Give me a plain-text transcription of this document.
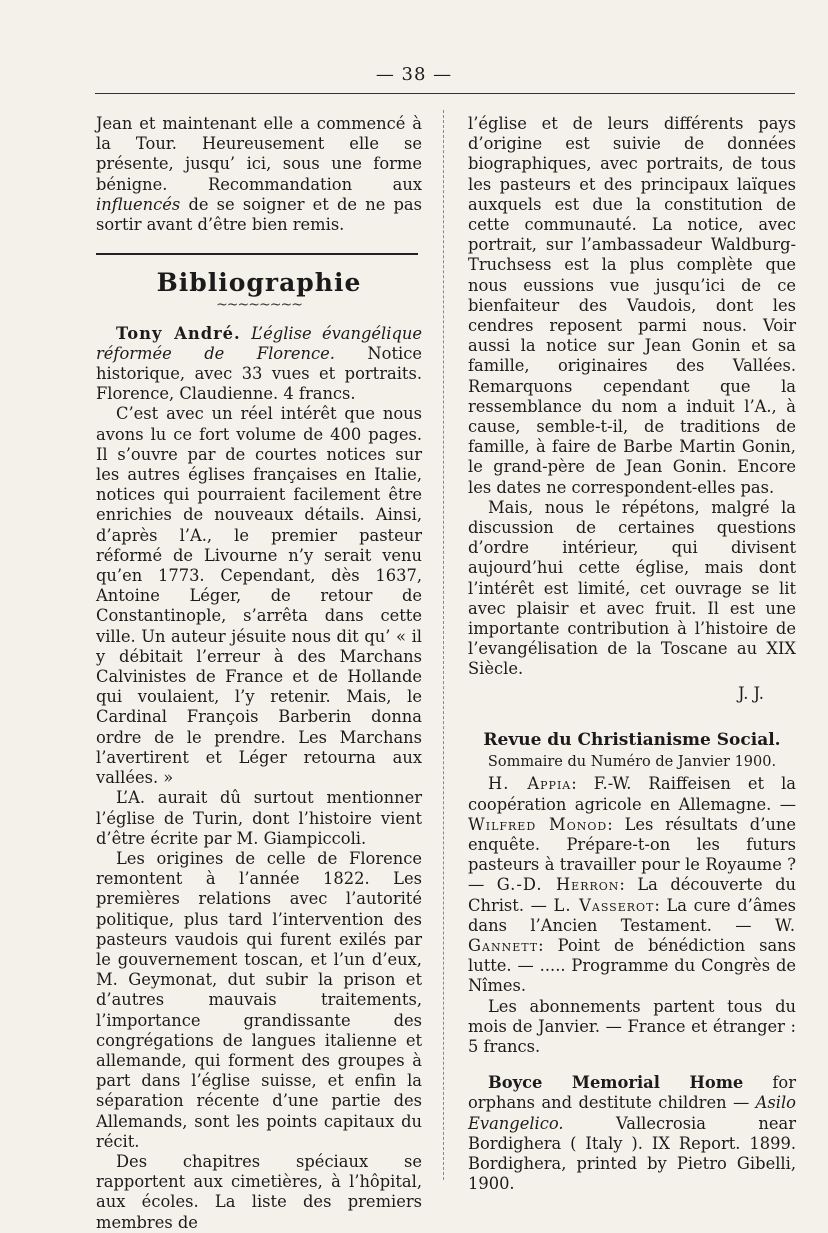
— 38 —

Jean et maintenant elle a commencé à la Tour. Heureusement elle se présente, jusqu’ ici, sous une forme bénigne. Recommandation aux influencés de se soigner et de ne pas sortir avant d’être bien remis.

Bibliographie
~~~~~~~~

Tony André. L’église évangélique réformée de Florence. Notice historique, avec 33 vues et portraits. Florence, Claudienne. 4 francs.

C’est avec un réel intérêt que nous avons lu ce fort volume de 400 pages. Il s’ouvre par de courtes notices sur les autres églises françaises en Italie, notices qui pourraient facilement être enrichies de nouveaux détails. Ainsi, d’après l’A., le premier pasteur réformé de Livourne n’y serait venu qu’en 1773. Cependant, dès 1637, Antoine Léger, de retour de Constantinople, s’arrêta dans cette ville. Un auteur jésuite nous dit qu’ « il y débitait l’erreur à des Marchans Calvinistes de France et de Hollande qui voulaient, l’y retenir. Mais, le Cardinal François Barberin donna ordre de le prendre. Les Marchans l’avertirent et Léger retourna aux vallées. »

L’A. aurait dû surtout mentionner l’église de Turin, dont l’histoire vient d’être écrite par M. Giampiccoli.

Les origines de celle de Florence remontent à l’année 1822. Les premières relations avec l’autorité politique, plus tard l’intervention des pasteurs vaudois qui furent exilés par le gouvernement toscan, et l’un d’eux, M. Geymonat, dut subir la prison et d’autres mauvais traitements, l’importance grandissante des congrégations de langues italienne et allemande, qui forment des groupes à part dans l’église suisse, et enfin la séparation récente d’une partie des Allemands, sont les points capitaux du récit.

Des chapitres spéciaux se rapportent aux cimetières, à l’hôpital, aux écoles. La liste des premiers membres de

l’église et de leurs différents pays d’origine est suivie de données biographiques, avec portraits, de tous les pasteurs et des principaux laïques auxquels est due la constitution de cette communauté. La notice, avec portrait, sur l’ambassadeur Waldburg-Truchsess est la plus complète que nous eussions vue jusqu’ici de ce bienfaiteur des Vaudois, dont les cendres reposent parmi nous. Voir aussi la notice sur Jean Gonin et sa famille, originaires des Vallées. Remarquons cependant que la ressemblance du nom a induit l’A., à cause, semble-t-il, de traditions de famille, à faire de Barbe Martin Gonin, le grand-père de Jean Gonin. Encore les dates ne correspondent-elles pas.

Mais, nous le répétons, malgré la discussion de certaines questions d’ordre intérieur, qui divisent aujourd’hui cette église, mais dont l’intérêt est limité, cet ouvrage se lit avec plaisir et avec fruit. Il est une importante contribution à l’histoire de l’evangélisation de la Toscane au XIX Siècle.

J. J.
Revue du Christianisme Social.
Sommaire du Numéro de Janvier 1900.

H. Appia: F.-W. Raiffeisen et la coopération agricole en Allemagne. — Wilfred Monod: Les résultats d’une enquête. Prépare-t-on les futurs pasteurs à travailler pour le Royaume ? — G.-D. Herron: La découverte du Christ. — L. Vasserot: La cure d’âmes dans l’Ancien Testament. — W. Gannett: Point de bénédiction sans lutte. — ..... Programme du Congrès de Nîmes.

Les abonnements partent tous du mois de Janvier. — France et étranger : 5 francs.

Boyce Memorial Home for orphans and destitute children — Asilo Evangelico.	Vallecrosia near Bordighera ( Italy ). IX Report. 1899. Bordighera, printed by Pietro Gibelli, 1900.
